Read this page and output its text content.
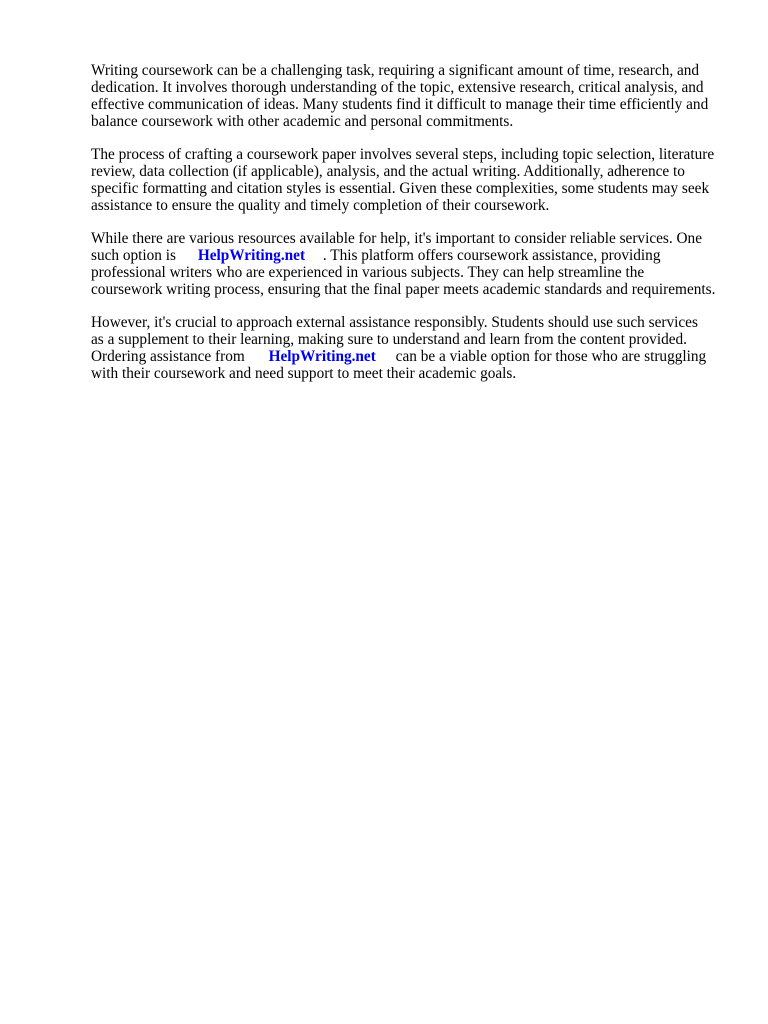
Writing coursework can be a challenging task, requiring a significant amount of time, research, and
dedication. It involves thorough understanding of the topic, extensive research, critical analysis, and
effective communication of ideas. Many students find it difficult to manage their time efficiently and
balance coursework with other academic and personal commitments.

The process of crafting a coursework paper involves several steps, including topic selection, literature
review, data collection (if applicable), analysis, and the actual writing. Additionally, adherence to
specific formatting and citation styles is essential. Given these complexities, some students may seek
assistance to ensure the quality and timely completion of their coursework.

While there are various resources available for help, it's important to consider reliable services. One
such option is HelpWriting.net . This platform offers coursework assistance, providing
professional writers who are experienced in various subjects. They can help streamline the
coursework writing process, ensuring that the final paper meets academic standards and requirements.

However, it's crucial to approach external assistance responsibly. Students should use such services
as a supplement to their learning, making sure to understand and learn from the content provided.
Ordering assistance from HelpWriting.net can be a viable option for those who are struggling
with their coursework and need support to meet their academic goals.
